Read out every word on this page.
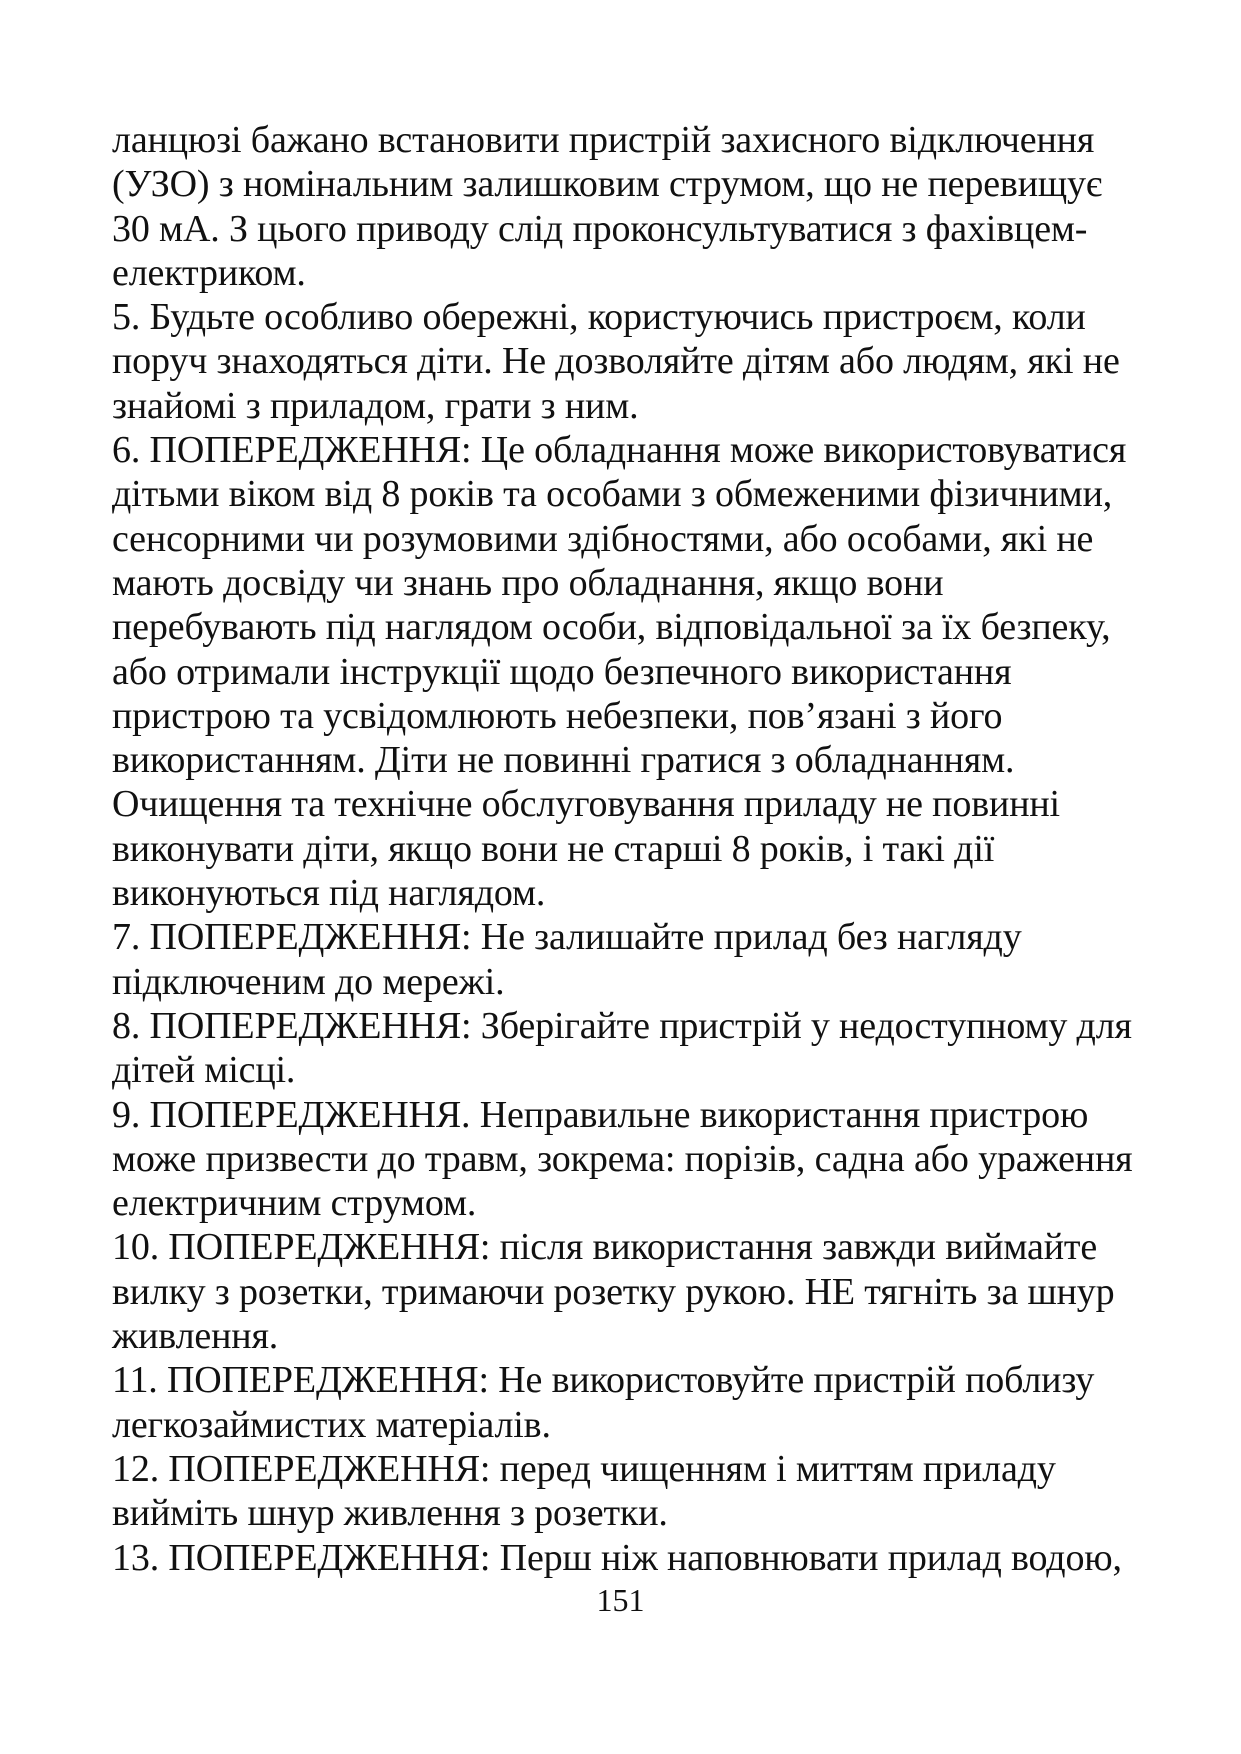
ланцюзі бажано встановити пристрій захисного відключення
(УЗО) з номінальним залишковим струмом, що не перевищує
30 мА. З цього приводу слід проконсультуватися з фахівцем-
електриком.
5. Будьте особливо обережні, користуючись пристроєм, коли
поруч знаходяться діти. Не дозволяйте дітям або людям, які не
знайомі з приладом, грати з ним.
6. ПОПЕРЕДЖЕННЯ: Це обладнання може використовуватися
дітьми віком від 8 років та особами з обмеженими фізичними,
сенсорними чи розумовими здібностями, або особами, які не
мають досвіду чи знань про обладнання, якщо вони
перебувають під наглядом особи, відповідальної за їх безпеку,
або отримали інструкції щодо безпечного використання
пристрою та усвідомлюють небезпеки, пов’язані з його
використанням. Діти не повинні гратися з обладнанням.
Очищення та технічне обслуговування приладу не повинні
виконувати діти, якщо вони не старші 8 років, і такі дії
виконуються під наглядом.
7. ПОПЕРЕДЖЕННЯ: Не залишайте прилад без нагляду
підключеним до мережі.
8. ПОПЕРЕДЖЕННЯ: Зберігайте пристрій у недоступному для
дітей місці.
9. ПОПЕРЕДЖЕННЯ. Неправильне використання пристрою
може призвести до травм, зокрема: порізів, садна або ураження
електричним струмом.
10. ПОПЕРЕДЖЕННЯ: після використання завжди виймайте
вилку з розетки, тримаючи розетку рукою. НЕ тягніть за шнур
живлення.
11. ПОПЕРЕДЖЕННЯ: Не використовуйте пристрій поблизу
легкозаймистих матеріалів.
12. ПОПЕРЕДЖЕННЯ: перед чищенням і миттям приладу
вийміть шнур живлення з розетки.
13. ПОПЕРЕДЖЕННЯ: Перш ніж наповнювати прилад водою,
151
